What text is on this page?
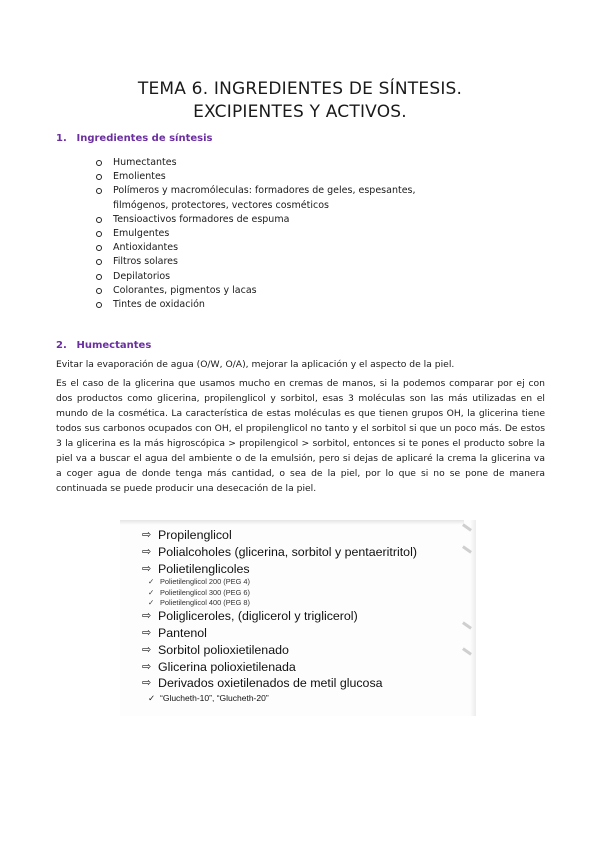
TEMA 6. INGREDIENTES DE SÍNTESIS.
EXCIPIENTES Y ACTIVOS.
1. Ingredientes de síntesis
Humectantes
Emolientes
Polímeros y macromóleculas: formadores de geles, espesantes,
filmógenos, protectores, vectores cosméticos
Tensioactivos formadores de espuma
Emulgentes
Antioxidantes
Filtros solares
Depilatorios
Colorantes, pigmentos y lacas
Tintes de oxidación
2. Humectantes

Evitar la evaporación de agua (O/W, O/A), mejorar la aplicación y el aspecto de la piel.

Es el caso de la glicerina que usamos mucho en cremas de manos, si la podemos comparar por ej con dos productos como glicerina, propilenglicol y sorbitol, esas 3 moléculas son las más utilizadas en el mundo de la cosmética. La característica de estas moléculas es que tienen grupos OH, la glicerina tiene todos sus carbonos ocupados con OH, el propilenglicol no tanto y el sorbitol si que un poco más. De estos 3 la glicerina es la más higroscópica > propilengicol > sorbitol, entonces si te pones el producto sobre la piel va a buscar el agua del ambiente o de la emulsión, pero si dejas de aplicaré la crema la glicerina va a coger agua de donde tenga más cantidad, o sea de la piel, por lo que si no se pone de manera continuada se puede producir una desecación de la piel.

⇨ Propilenglicol
⇨ Polialcoholes (glicerina, sorbitol y pentaeritritol)
⇨ Polietilenglicoles
✓ Polietilenglicol 200 (PEG 4)
✓ Polietilenglicol 300 (PEG 6)
✓ Polietilenglicol 400 (PEG 8)
⇨ Poligliceroles, (diglicerol y triglicerol)
⇨ Pantenol
⇨ Sorbitol polioxietilenado
⇨ Glicerina polioxietilenada
⇨ Derivados oxietilenados de metil glucosa
✓ “Glucheth-10”, “Glucheth-20”
